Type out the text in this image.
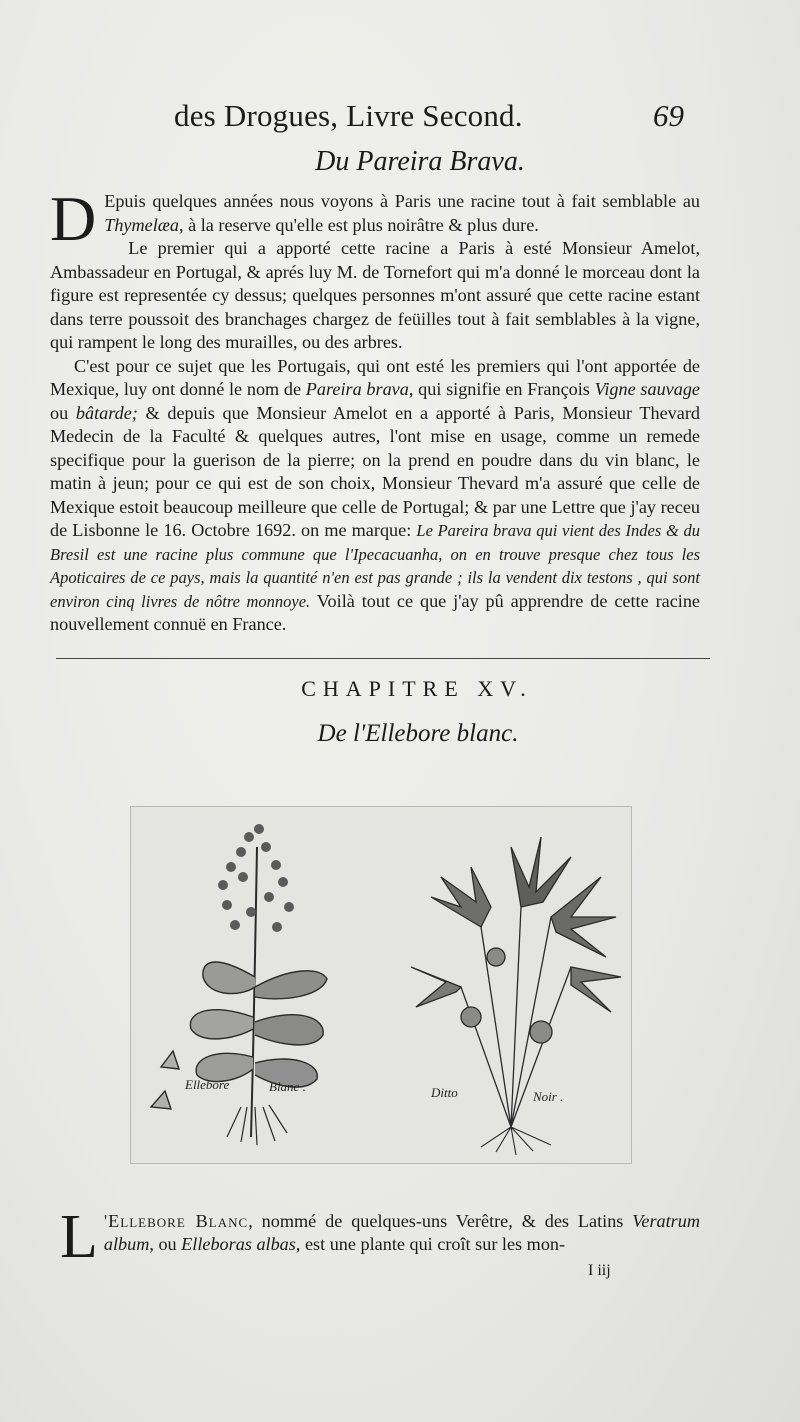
des Drogues, Livre Second.	69
Du Pareira Brava.

D Epuis quelques années nous voyons à Paris une racine tout à fait semblable au Thymelæa, à la reserve qu'elle est plus noirâtre & plus dure.

Le premier qui a apporté cette racine a Paris à esté Monsieur Amelot, Ambassadeur en Portugal, & aprés luy M. de Tornefort qui m'a donné le morceau dont la figure est representée cy dessus; quelques personnes m'ont assuré que cette racine estant dans terre poussoit des branchages chargez de feüilles tout à fait semblables à la vigne, qui rampent le long des murailles, ou des arbres.

C'est pour ce sujet que les Portugais, qui ont esté les premiers qui l'ont apportée de Mexique, luy ont donné le nom de Pareira brava, qui signifie en François Vigne sauvage ou bâtarde; & depuis que Monsieur Amelot en a apporté à Paris, Monsieur Thevard Medecin de la Faculté & quelques autres, l'ont mise en usage, comme un remede specifique pour la guerison de la pierre; on la prend en poudre dans du vin blanc, le matin à jeun; pour ce qui est de son choix, Monsieur Thevard m'a assuré que celle de Mexique estoit beaucoup meilleure que celle de Portugal; & par une Lettre que j'ay receu de Lisbonne le 16. Octobre 1692. on me marque: Le Pareira brava qui vient des Indes & du Bresil est une racine plus commune que l'Ipecacuanha, on en trouve presque chez tous les Apoticaires de ce pays, mais la quantité n'en est pas grande ; ils la vendent dix testons , qui sont environ cinq livres de nôtre monnoye. Voilà tout ce que j'ay pû apprendre de cette racine nouvellement connuë en France.

CHAPITRE XV.
De l'Ellebore blanc.
Ellebore	Blanc .	Ditto	Noir .
L 'Ellebore Blanc, nommé de quelques-uns Verêtre, & des Latins Veratrum album, ou Elleboras albas, est une plante qui croît sur les mon-
I iij
